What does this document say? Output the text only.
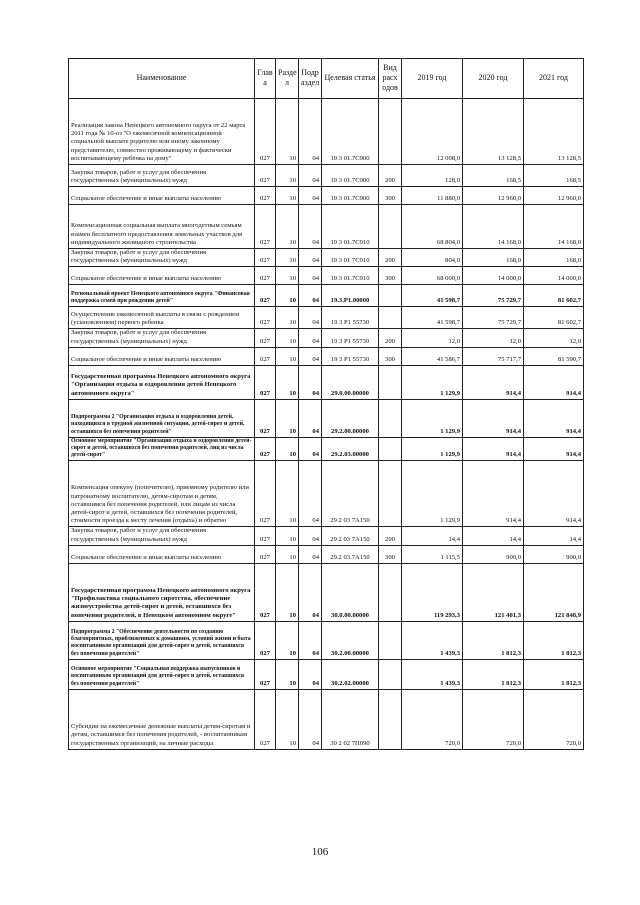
Наименование	Глав а	Разде л	Подр аздел	Целевая статья	Вид расх одов	2019 год	2020 год	2021 год
Реализация закона Ненецкого автономного округа от 22 марта 2011 года № 10-оз "О ежемесячной компенсационной социальной выплате родителю или иному законному представителю, совместно проживающему и фактически воспитывающему ребёнка на дому"	027	10	04	19 3 01.7С900		12 008,0	13 128,5	13 128,5
Закупка товаров, работ и услуг для обеспечения государственных (муниципальных) нужд	027	10	04	19 3 01.7С900	200	128,0	168,5	168,5
Социальное обеспечение и иные выплаты населению	027	10	04	19 3 01.7С900	300	11 880,0	12 960,0	12 960,0
Компенсационная социальная выплата многодетным семьям взамен бесплатного предоставления земельных участков для индивидуального жилищного строительства	027	10	04	19 3 01.7С910		68 804,0	14 168,0	14 168,0
Закупка товаров, работ и услуг для обеспечения государственных (муниципальных) нужд	027	10	04	19 3 01 7С910	200	804,0	168,0	168,0
Социальное обеспечение и иные выплаты населению	027	10	04	19 3 01.7С910	300	68 000,0	14 000,0	14 000,0
Региональный проект Ненецкого автономного округа "Финансовая поддержка семей при рождении детей"	027	10	04	19.3.Р1.00000		41 598,7	75 729,7	81 602,7
Осуществление ежемесячной выплаты в связи с рождением (усыновлением) первого ребенка	027	10	04	19 3 Р1 55730		41 598,7	75 729,7	81 602,7
Закупка товаров, работ и услуг для обеспечения государственных (муниципальных) нужд	027	10	04	19 3 Р1 55730	200	12,0	12,0	12,0
Социальное обеспечение и иные выплаты населению	027	10	04	19 3 Р1 55730	300	41 586,7	75 717,7	81 590,7
Государственная программа Ненецкого автономного округа "Организация отдыха и оздоровления детей Ненецкого автономного округа"	027	10	04	29.0.00.00000		1 129,9	914,4	914,4
Подпрограмма 2 "Организация отдыха и оздоровления детей, находящихся в трудной жизненной ситуации, детей-сирот и детей, оставшихся без попечения родителей"	027	10	04	29.2.00.00000		1 129,9	914,4	914,4
Основное мероприятие "Организация отдыха и оздоровления детей-сирот и детей, оставшихся без попечения родителей, лиц из числа детей-сирот"	027	10	04	29.2.03.00000		1 129,9	914,4	914,4
Компенсация опекуну (попечителю), приемному родителю или патронатному воспитателю, детям-сиротам и детям, оставшимся без попечения родителей, или лицам из числа детей-сирот и детей, оставшихся без попечения родителей, стоимости проезда к месту лечения (отдыха) и обратно	027	10	04	29 2 03 7А150		1 129,9	914,4	914,4
Закупка товаров, работ и услуг для обеспечения государственных (муниципальных) нужд	027	10	04	29 2 03 7А150	200	14,4	14,4	14,4
Социальное обеспечение и иные выплаты населению	027	10	04	29.2 03.7А150	300	1 115,5	900,0	900,0
Государственная программа Ненецкого автономного округа "Профилактика социального сиротства, обеспечение жизнеустройства детей-сирот и детей, оставшихся без попечения родителей, в Ненецком автономном округе"	027	10	04	30.0.00.00000		119 293,3	121 401,3	121 848,9
Подпрограмма 2 "Обеспечение деятельности по созданию благоприятных, приближенных к домашним, условий жизни и быта воспитанников организаций для детей-сирот и детей, оставшихся без попечения родителей"	027	10	04	30.2.00.00000		1 439,3	1 812,3	1 812,3
Основное мероприятие "Социальная поддержка выпускников и воспитанников организаций для детей-сирот и детей, оставшихся без попечения родителей"	027	10	04	30.2.02.00000		1 439,3	1 812,3	1 812,3
Субсидии на ежемесячные денежные выплаты детям-сиротам и детям, оставшимся без попечения родителей, - воспитанникам государственных организаций, на личные расходы	027	10	04	30 2 02 7П090		720,0	720,0	720,0
106
